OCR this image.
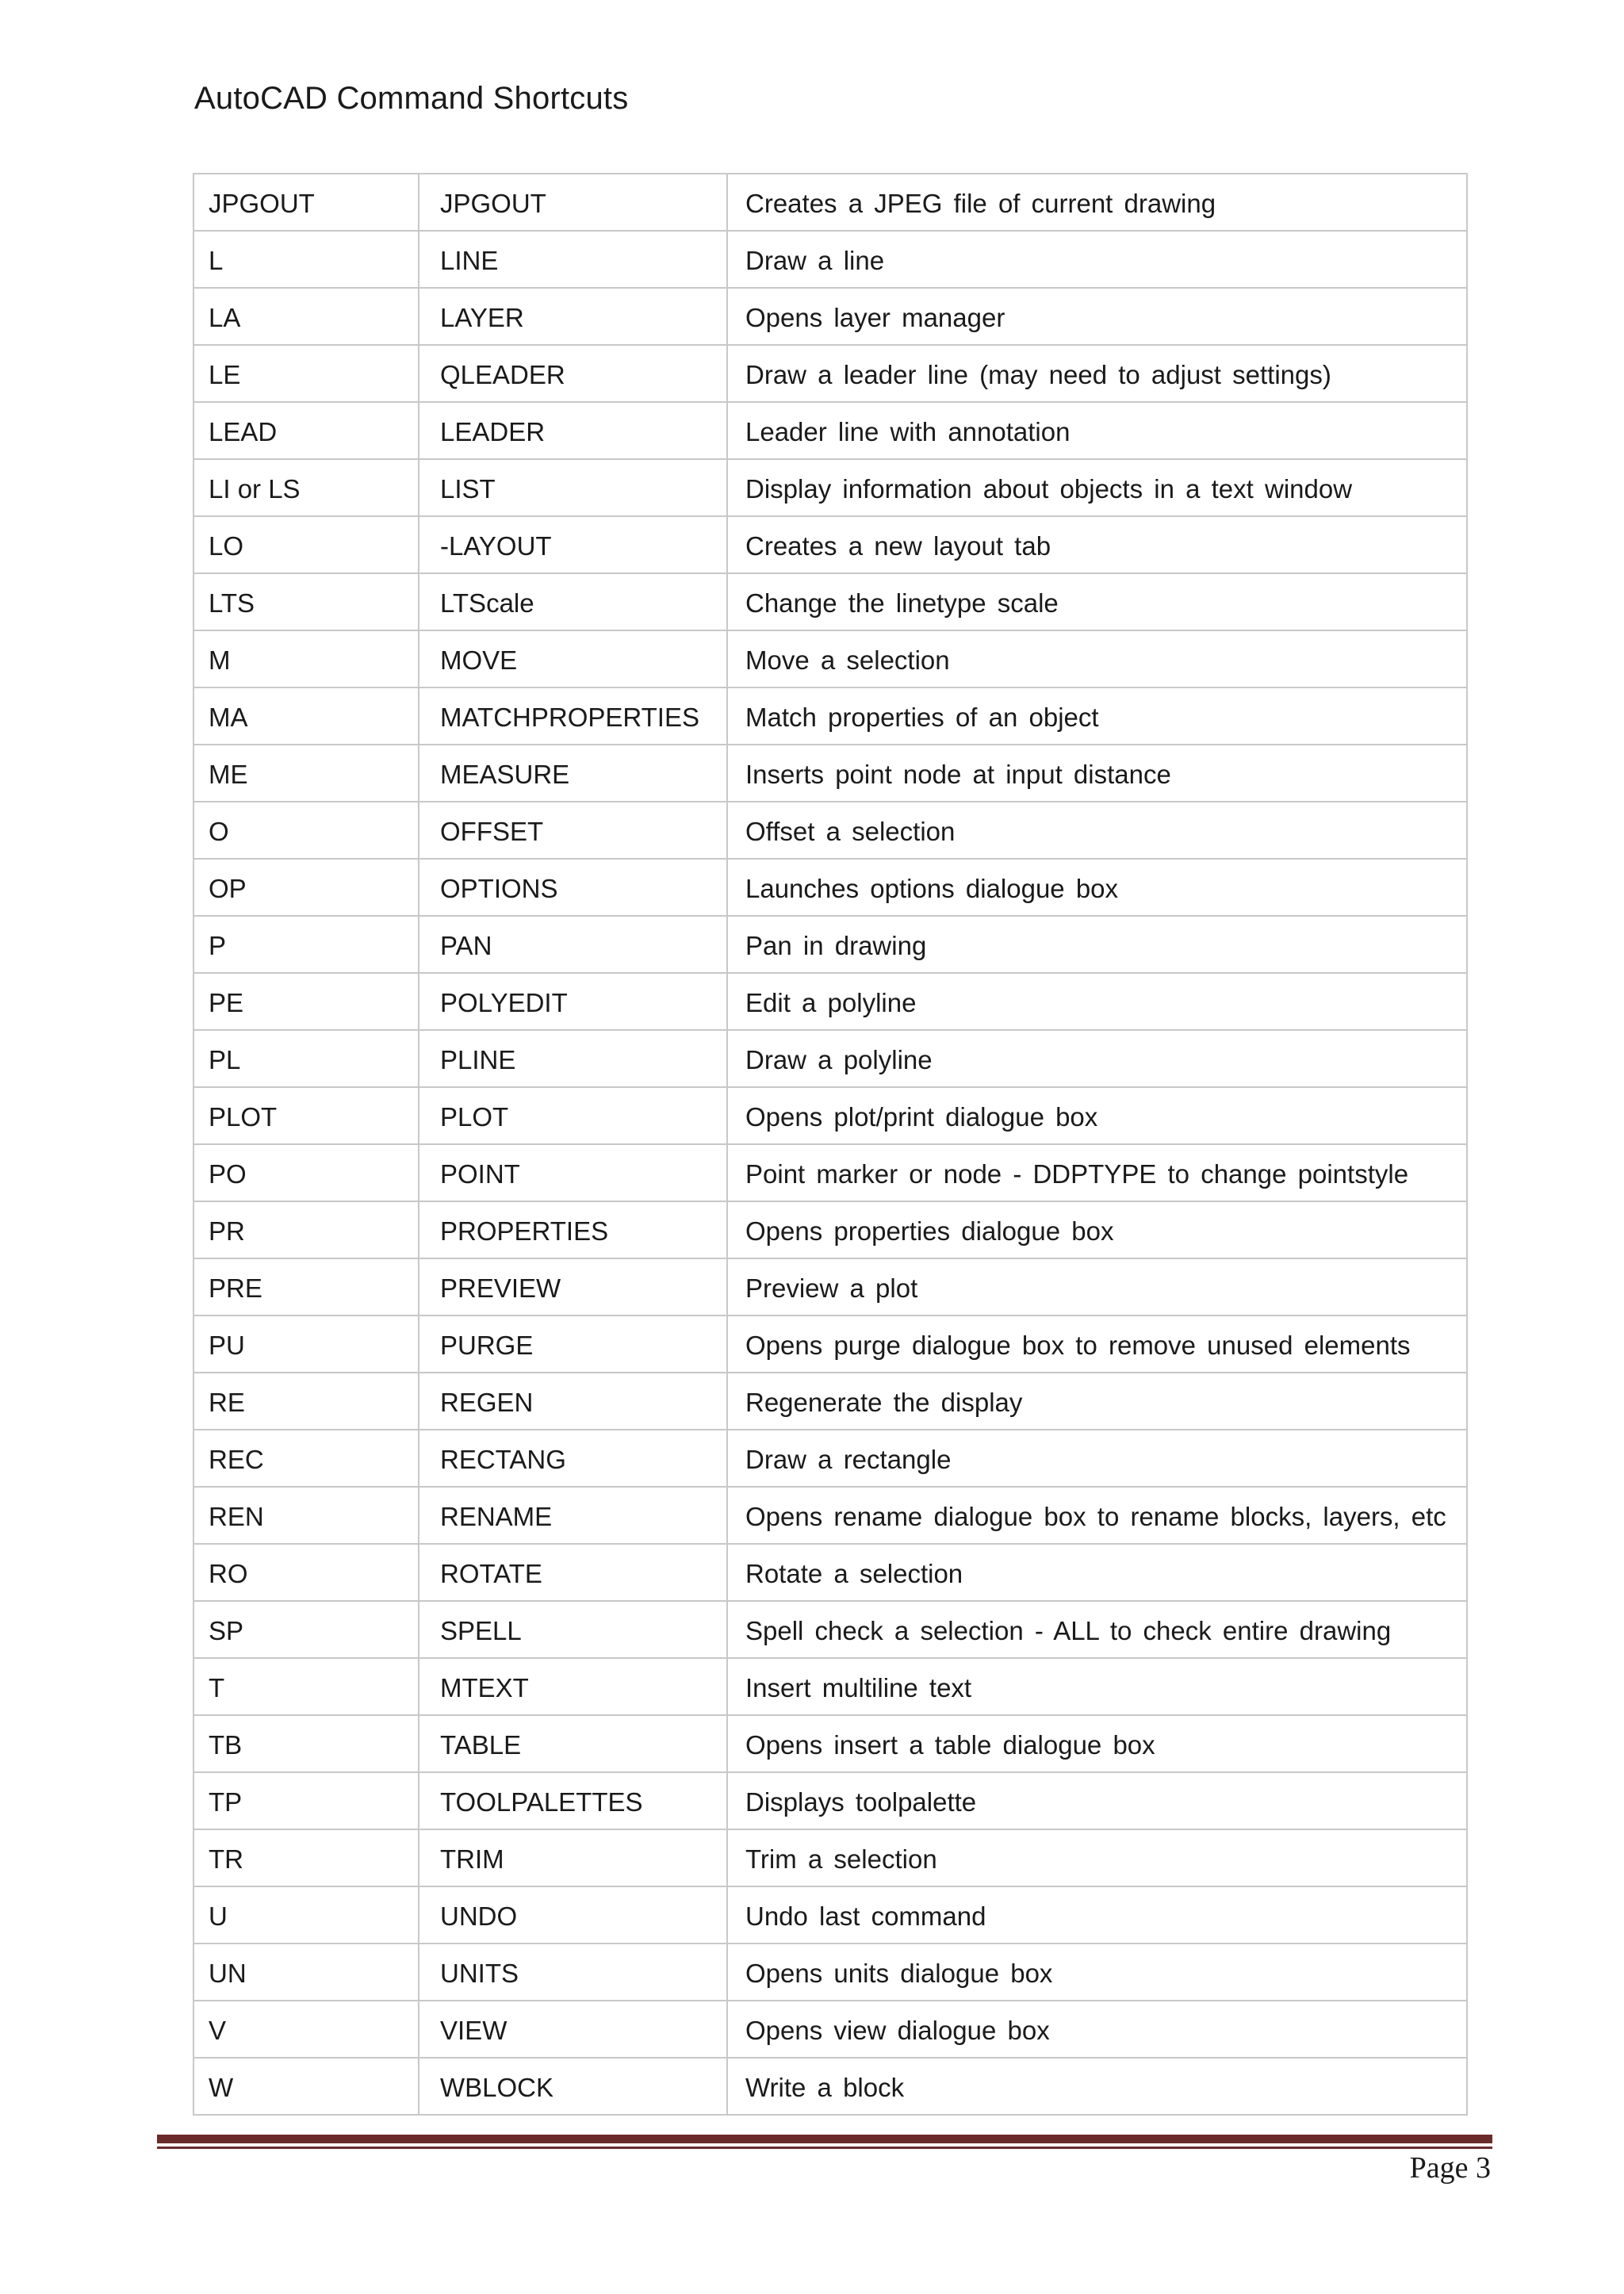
AutoCAD Command Shortcuts
JPGOUT	JPGOUT	Creates a JPEG file of current drawing

L	LINE	Draw a line

LA	LAYER	Opens layer manager

LE	QLEADER	Draw a leader line (may need to adjust settings)

LEAD	LEADER	Leader line with annotation

LI or LS	LIST	Display information about objects in a text window

LO	-LAYOUT	Creates a new layout tab

LTS	LTScale	Change the linetype scale

M	MOVE	Move a selection

MA	MATCHPROPERTIES	Match properties of an object

ME	MEASURE	Inserts point node at input distance

O	OFFSET	Offset a selection

OP	OPTIONS	Launches options dialogue box

P	PAN	Pan in drawing

PE	POLYEDIT	Edit a polyline

PL	PLINE	Draw a polyline

PLOT	PLOT	Opens plot/print dialogue box

PO	POINT	Point marker or node - DDPTYPE to change pointstyle

PR	PROPERTIES	Opens properties dialogue box

PRE	PREVIEW	Preview a plot

PU	PURGE	Opens purge dialogue box to remove unused elements

RE	REGEN	Regenerate the display

REC	RECTANG	Draw a rectangle

REN	RENAME	Opens rename dialogue box to rename blocks, layers, etc

RO	ROTATE	Rotate a selection

SP	SPELL	Spell check a selection - ALL to check entire drawing

T	MTEXT	Insert multiline text

TB	TABLE	Opens insert a table dialogue box

TP	TOOLPALETTES	Displays toolpalette

TR	TRIM	Trim a selection

U	UNDO	Undo last command

UN	UNITS	Opens units dialogue box

V	VIEW	Opens view dialogue box

W	WBLOCK	Write a block
Page 3
